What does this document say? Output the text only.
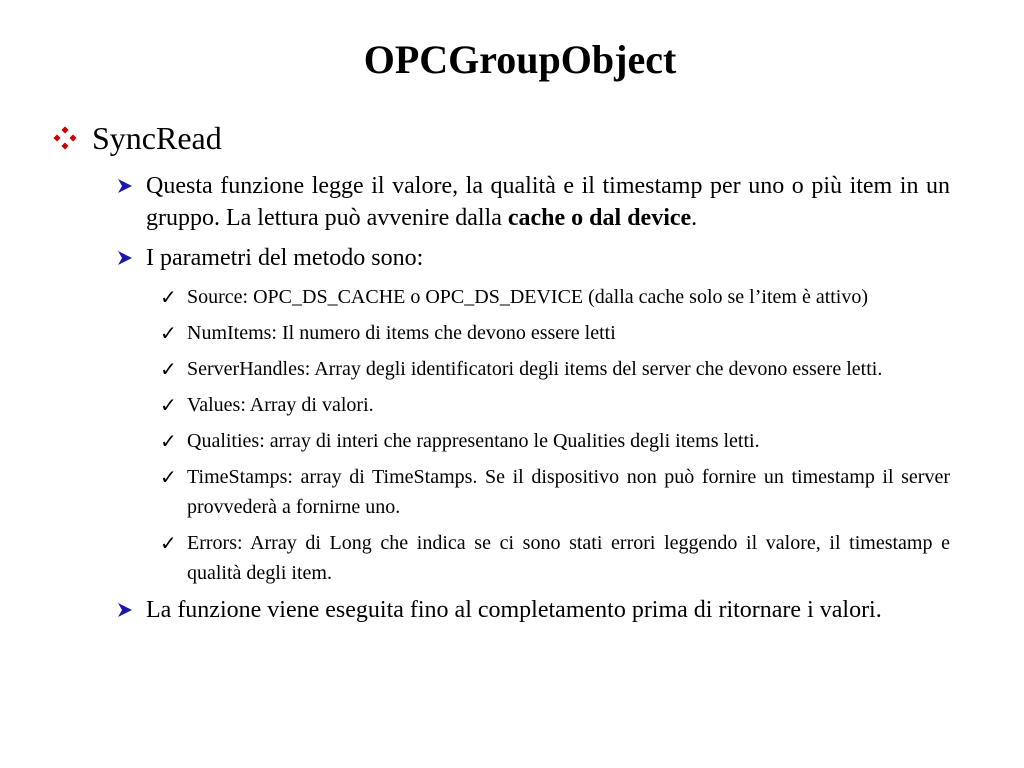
OPCGroupObject
SyncRead
Questa funzione legge il valore, la qualità e il timestamp per uno o più item in un gruppo. La lettura può avvenire dalla cache o dal device.
I parametri del metodo sono:
✓ Source: OPC_DS_CACHE o OPC_DS_DEVICE (dalla cache solo se l’item è attivo)
✓ NumItems: Il numero di items che devono essere letti
✓ ServerHandles: Array degli identificatori degli items del server che devono essere letti.
✓ Values: Array di valori.
✓ Qualities: array di interi che rappresentano le Qualities degli items letti.
✓ TimeStamps: array di TimeStamps. Se il dispositivo non può fornire un timestamp il server provvederà a fornirne uno.
✓ Errors: Array di Long che indica se ci sono stati errori leggendo il valore, il timestamp e qualità degli item.
La funzione viene eseguita fino al completamento prima di ritornare i valori.
